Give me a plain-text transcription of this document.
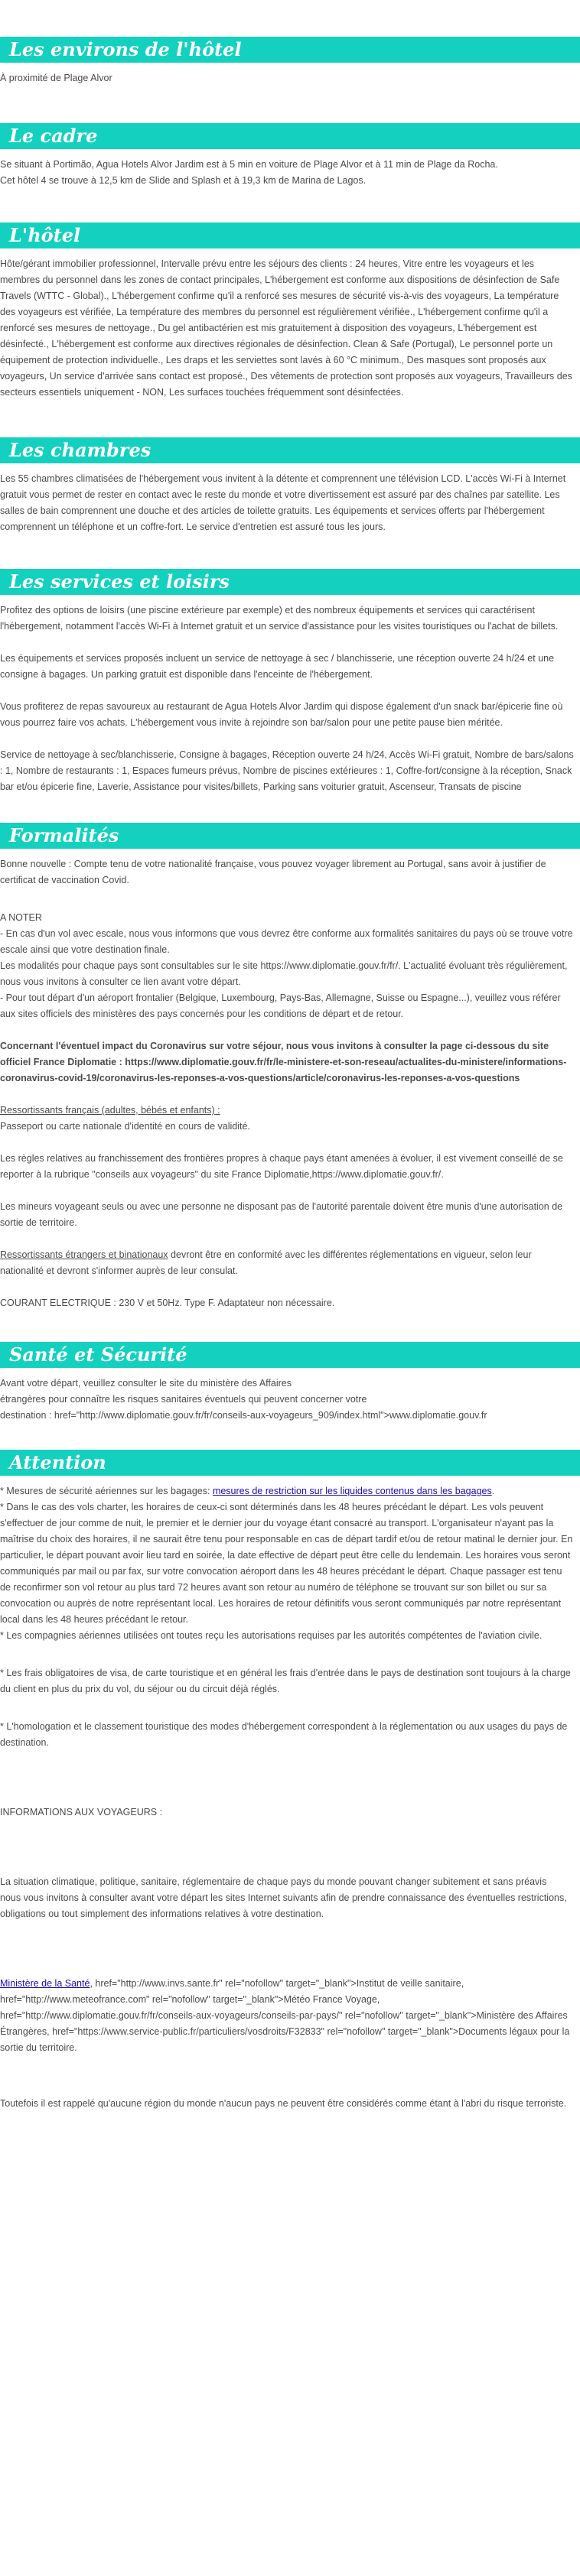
Les environs de l'hôtel

À proximité de Plage Alvor

Le cadre

Se situant à Portimão, Agua Hotels Alvor Jardim est à 5 min en voiture de Plage Alvor et à 11 min de Plage da Rocha.

Cet hôtel 4 se trouve à 12,5 km de Slide and Splash et à 19,3 km de Marina de Lagos.

L'hôtel

Hôte/gérant immobilier professionnel, Intervalle prévu entre les séjours des clients : 24 heures, Vitre entre les voyageurs et les membres du personnel dans les zones de contact principales, L'hébergement est conforme aux dispositions de désinfection de Safe Travels (WTTC - Global)., L'hébergement confirme qu'il a renforcé ses mesures de sécurité vis-à-vis des voyageurs, La température des voyageurs est vérifiée, La température des membres du personnel est régulièrement vérifiée., L'hébergement confirme qu'il a renforcé ses mesures de nettoyage., Du gel antibactérien est mis gratuitement à disposition des voyageurs, L'hébergement est désinfecté., L'hébergement est conforme aux directives régionales de désinfection. Clean & Safe (Portugal), Le personnel porte un équipement de protection individuelle., Les draps et les serviettes sont lavés à 60 °C minimum., Des masques sont proposés aux voyageurs, Un service d'arrivée sans contact est proposé., Des vêtements de protection sont proposés aux voyageurs, Travailleurs des secteurs essentiels uniquement - NON, Les surfaces touchées fréquemment sont désinfectées.

Les chambres

Les 55 chambres climatisées de l'hébergement vous invitent à la détente et comprennent une télévision LCD. L'accès Wi-Fi à Internet gratuit vous permet de rester en contact avec le reste du monde et votre divertissement est assuré par des chaînes par satellite. Les salles de bain comprennent une douche et des articles de toilette gratuits. Les équipements et services offerts par l'hébergement comprennent un téléphone et un coffre-fort. Le service d'entretien est assuré tous les jours.

Les services et loisirs

Profitez des options de loisirs (une piscine extérieure par exemple) et des nombreux équipements et services qui caractérisent l'hébergement, notamment l'accès Wi-Fi à Internet gratuit et un service d'assistance pour les visites touristiques ou l'achat de billets.

Les équipements et services proposés incluent un service de nettoyage à sec / blanchisserie, une réception ouverte 24 h/24 et une consigne à bagages. Un parking gratuit est disponible dans l'enceinte de l'hébergement.

Vous profiterez de repas savoureux au restaurant de Agua Hotels Alvor Jardim qui dispose également d'un snack bar/épicerie fine où vous pourrez faire vos achats. L'hébergement vous invite à rejoindre son bar/salon pour une petite pause bien méritée.

Service de nettoyage à sec/blanchisserie, Consigne à bagages, Réception ouverte 24 h/24, Accès Wi-Fi gratuit, Nombre de bars/salons : 1, Nombre de restaurants : 1, Espaces fumeurs prévus, Nombre de piscines extérieures : 1, Coffre-fort/consigne à la réception, Snack bar et/ou épicerie fine, Laverie, Assistance pour visites/billets, Parking sans voiturier gratuit, Ascenseur, Transats de piscine

Formalités

Bonne nouvelle : Compte tenu de votre nationalité française, vous pouvez voyager librement au Portugal, sans avoir à justifier de certificat de vaccination Covid.

A NOTER

- En cas d'un vol avec escale, nous vous informons que vous devrez être conforme aux formalités sanitaires du pays où se trouve votre escale ainsi que votre destination finale.

Les modalités pour chaque pays sont consultables sur le site https://www.diplomatie.gouv.fr/fr/. L'actualité évoluant très régulièrement, nous vous invitons à consulter ce lien avant votre départ.

- Pour tout départ d'un aéroport frontalier (Belgique, Luxembourg, Pays-Bas, Allemagne, Suisse ou Espagne...), veuillez vous référer aux sites officiels des ministères des pays concernés pour les conditions de départ et de retour.

Concernant l'éventuel impact du Coronavirus sur votre séjour, nous vous invitons à consulter la page ci-dessous du site officiel France Diplomatie : https://www.diplomatie.gouv.fr/fr/le-ministere-et-son-reseau/actualites-du-ministere/informations-coronavirus-covid-19/coronavirus-les-reponses-a-vos-questions/article/coronavirus-les-reponses-a-vos-questions

Ressortissants français (adultes, bébés et enfants) :

Passeport ou carte nationale d'identité en cours de validité.

Les règles relatives au franchissement des frontières propres à chaque pays étant amenées à évoluer, il est vivement conseillé de se reporter à la rubrique "conseils aux voyageurs" du site France Diplomatie,https://www.diplomatie.gouv.fr/.

Les mineurs voyageant seuls ou avec une personne ne disposant pas de l'autorité parentale doivent être munis d'une autorisation de sortie de territoire.

Ressortissants étrangers et binationaux devront être en conformité avec les différentes réglementations en vigueur, selon leur nationalité et devront s'informer auprès de leur consulat.

COURANT ELECTRIQUE : 230 V et 50Hz. Type F. Adaptateur non nécessaire.

Santé et Sécurité

Avant votre départ, veuillez consulter le site du ministère des Affaires

étrangères pour connaître les risques sanitaires éventuels qui peuvent concerner votre

destination : href="http://www.diplomatie.gouv.fr/fr/conseils-aux-voyageurs_909/index.html">www.diplomatie.gouv.fr

Attention

* Mesures de sécurité aériennes sur les bagages: mesures de restriction sur les liquides contenus dans les bagages.

* Dans le cas des vols charter, les horaires de ceux-ci sont déterminés dans les 48 heures précédant le départ. Les vols peuvent s'effectuer de jour comme de nuit, le premier et le dernier jour du voyage étant consacré au transport. L'organisateur n'ayant pas la maîtrise du choix des horaires, il ne saurait être tenu pour responsable en cas de départ tardif et/ou de retour matinal le dernier jour. En particulier, le départ pouvant avoir lieu tard en soirée, la date effective de départ peut être celle du lendemain. Les horaires vous seront communiqués par mail ou par fax, sur votre convocation aéroport dans les 48 heures précédant le départ. Chaque passager est tenu de reconfirmer son vol retour au plus tard 72 heures avant son retour au numéro de téléphone se trouvant sur son billet ou sur sa convocation ou auprès de notre représentant local. Les horaires de retour définitifs vous seront communiqués par notre représentant local dans les 48 heures précédant le retour.

* Les compagnies aériennes utilisées ont toutes reçu les autorisations requises par les autorités compétentes de l'aviation civile.

* Les frais obligatoires de visa, de carte touristique et en général les frais d'entrée dans le pays de destination sont toujours à la charge du client en plus du prix du vol, du séjour ou du circuit déjà réglés.

* L'homologation et le classement touristique des modes d'hébergement correspondent à la réglementation ou aux usages du pays de destination.

INFORMATIONS AUX VOYAGEURS :

La situation climatique, politique, sanitaire, réglementaire de chaque pays du monde pouvant changer subitement et sans préavis

nous vous invitons à consulter avant votre départ les sites Internet suivants afin de prendre connaissance des éventuelles restrictions, obligations ou tout simplement des informations relatives à votre destination.

Ministère de la Santé, href="http://www.invs.sante.fr" rel="nofollow" target="_blank">Institut de veille sanitaire, href="http://www.meteofrance.com" rel="nofollow" target="_blank">Météo France Voyage, href="http://www.diplomatie.gouv.fr/fr/conseils-aux-voyageurs/conseils-par-pays/" rel="nofollow" target="_blank">Ministère des Affaires Étrangères, href="https://www.service-public.fr/particuliers/vosdroits/F32833" rel="nofollow" target="_blank">Documents légaux pour la sortie du territoire.

Toutefois il est rappelé qu'aucune région du monde n'aucun pays ne peuvent être considérés comme étant à l'abri du risque terroriste.
